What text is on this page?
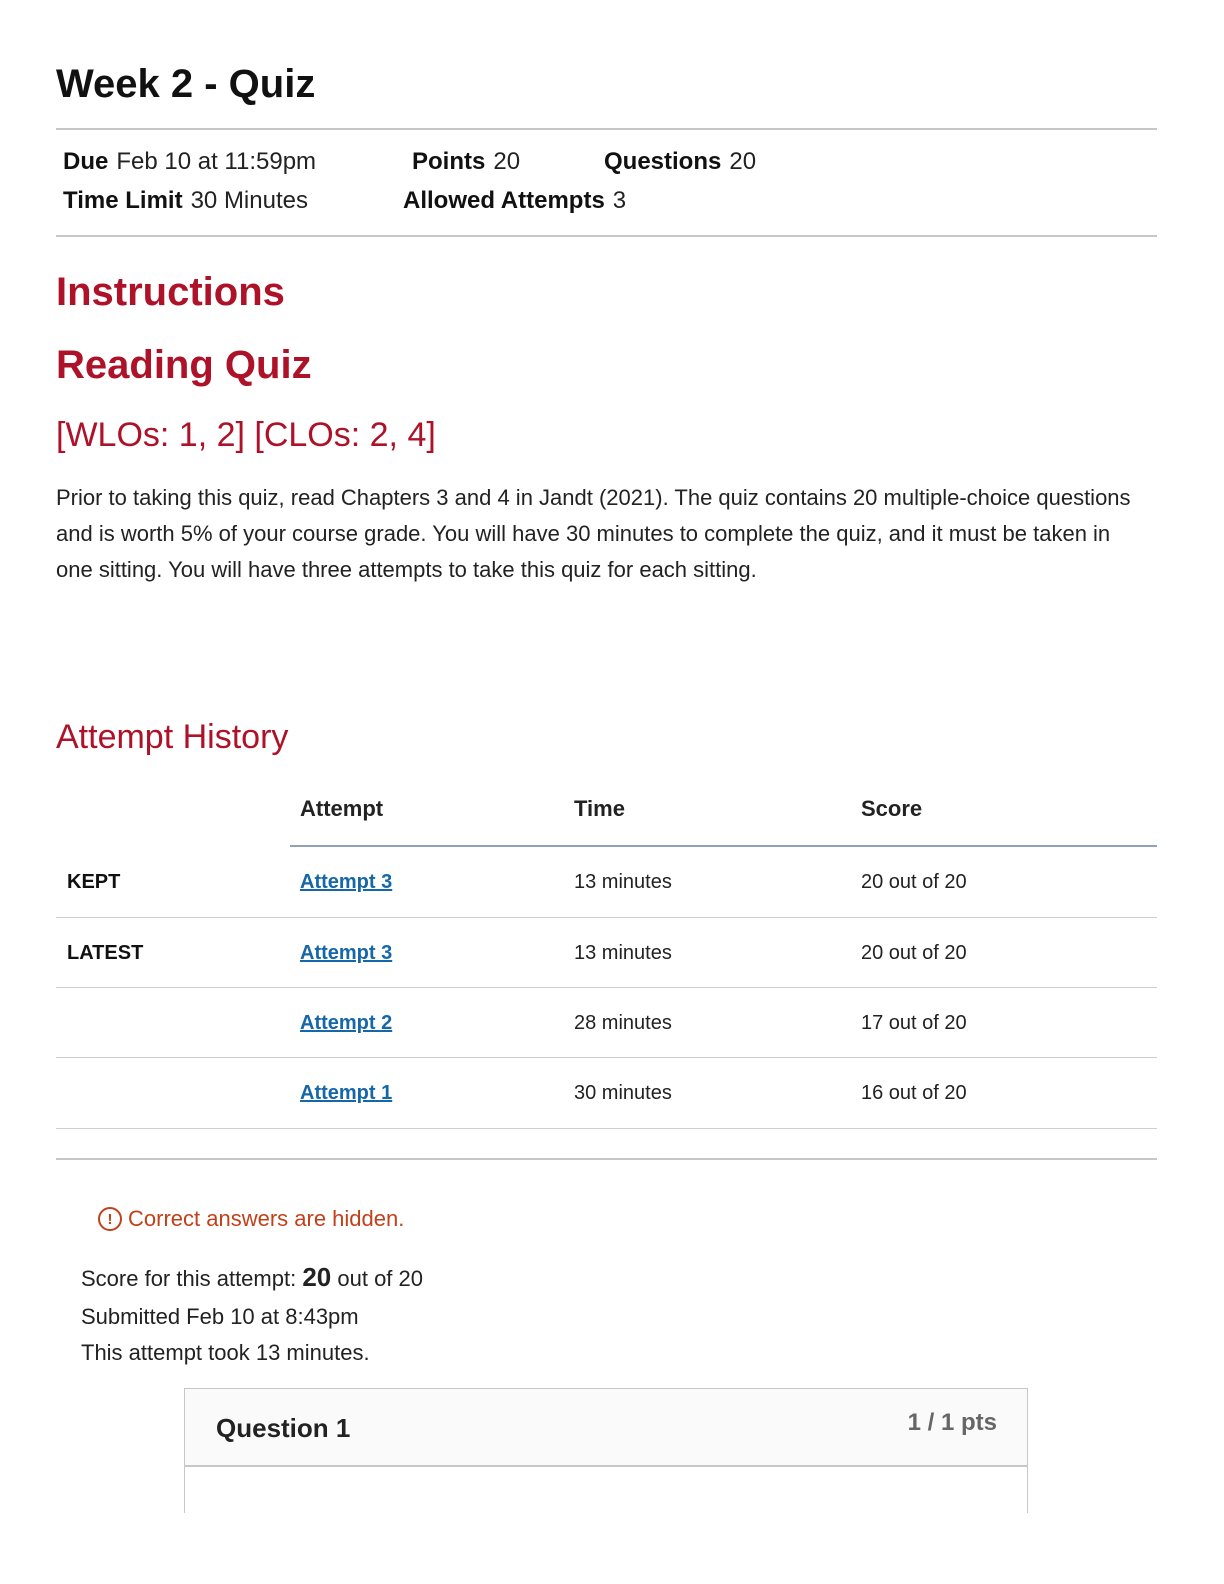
Week 2 - Quiz
Due Feb 10 at 11:59pm	Points 20	Questions 20
Time Limit 30 Minutes	Allowed Attempts 3
Instructions
Reading Quiz
[WLOs: 1, 2] [CLOs: 2, 4]

Prior to taking this quiz, read Chapters 3 and 4 in Jandt (2021). The quiz contains 20 multiple-choice questions and is worth 5% of your course grade. You will have 30 minutes to complete the quiz, and it must be taken in one sitting. You will have three attempts to take this quiz for each sitting.

Attempt History
Attempt	Time	Score
KEPT	Attempt 3	13 minutes	20 out of 20
LATEST	Attempt 3	13 minutes	20 out of 20
Attempt 2	28 minutes	17 out of 20
Attempt 1	30 minutes	16 out of 20
! Correct answers are hidden.

Score for this attempt: 20 out of 20

Submitted Feb 10 at 8:43pm

This attempt took 13 minutes.

Question 1	1 / 1 pts
